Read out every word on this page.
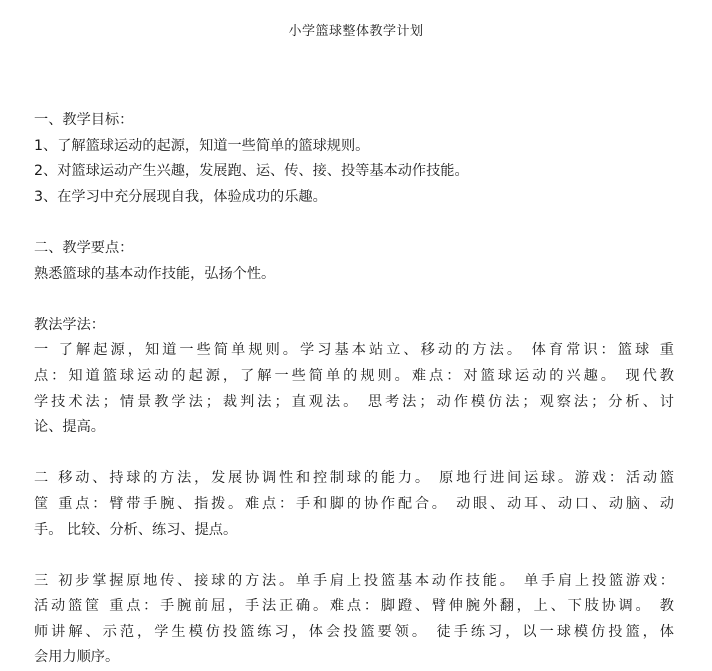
小学篮球整体教学计划
一、教学目标：
1、了解篮球运动的起源，知道一些简单的篮球规则。
2、对篮球运动产生兴趣，发展跑、运、传、接、投等基本动作技能。
3、在学习中充分展现自我，体验成功的乐趣。
二、教学要点：
熟悉篮球的基本动作技能，弘扬个性。
教法学法：
一 了解起源，知道一些简单规则。学习基本站立、移动的方法。 体育常识：篮球 重
点：知道篮球运动的起源，了解一些简单的规则。难点：对篮球运动的兴趣。 现代教
学技术法；情景教学法；裁判法；直观法。 思考法；动作模仿法；观察法；分析、讨
论、提高。
二 移动、持球的方法，发展协调性和控制球的能力。 原地行进间运球。游戏：活动篮
筐 重点：臂带手腕、指拨。难点：手和脚的协作配合。 动眼、动耳、动口、动脑、动
手。 比较、分析、练习、提点。
三 初步掌握原地传、接球的方法。单手肩上投篮基本动作技能。 单手肩上投篮游戏：
活动篮筐 重点：手腕前屈，手法正确。难点：脚蹬、臂伸腕外翻，上、下肢协调。 教
师讲解、示范，学生模仿投篮练习，体会投篮要领。 徒手练习，以一球模仿投篮，体
会用力顺序。
